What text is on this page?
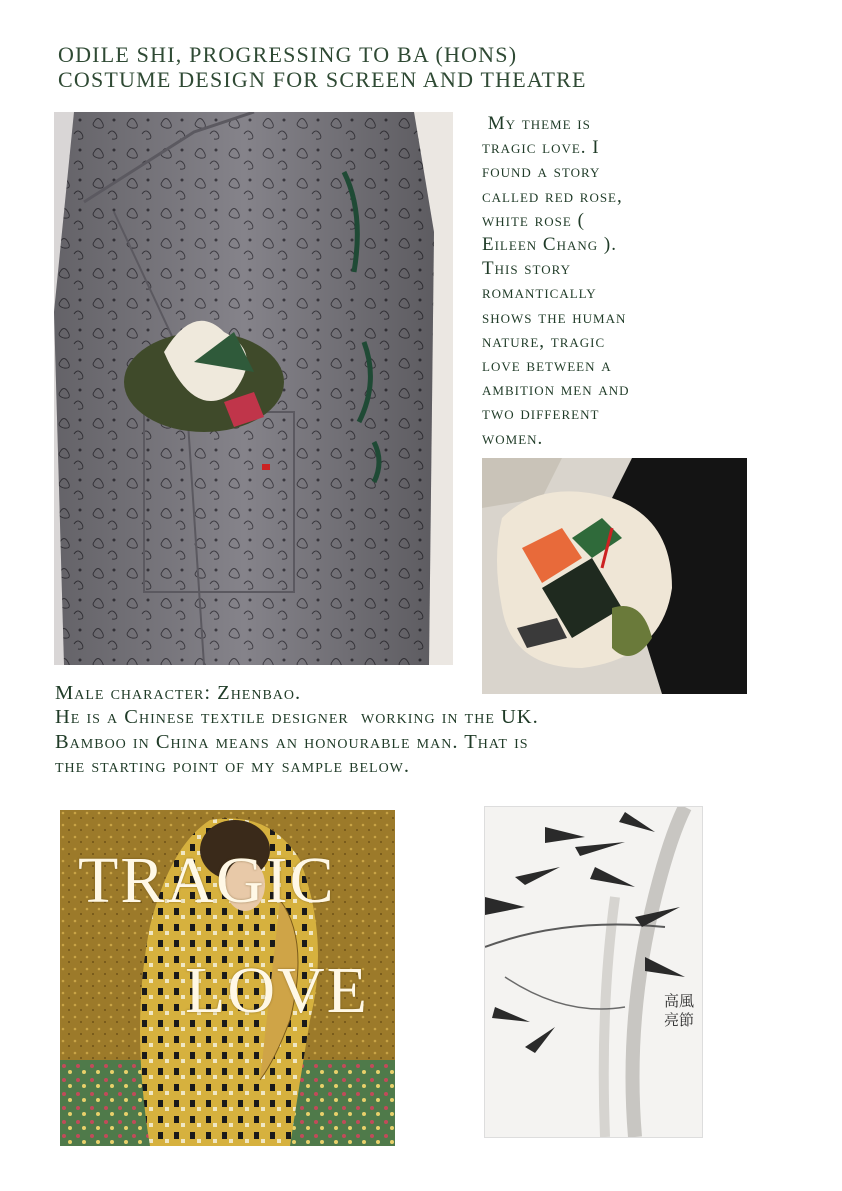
ODILE SHI, PROGRESSING TO BA (HONS)
COSTUME DESIGN FOR SCREEN AND THEATRE
My theme is
tragic love. I
found a story
called red rose,
white rose (
Eileen Chang ).
This story
romantically
shows the human
nature, tragic
love between a
ambition men and
two different
women.
Male character: Zhenbao.
He is a Chinese textile designer  working in the UK.
Bamboo in China means an honourable man. That is
the starting point of my sample below.
TRAGIC
LOVE	高風亮節
